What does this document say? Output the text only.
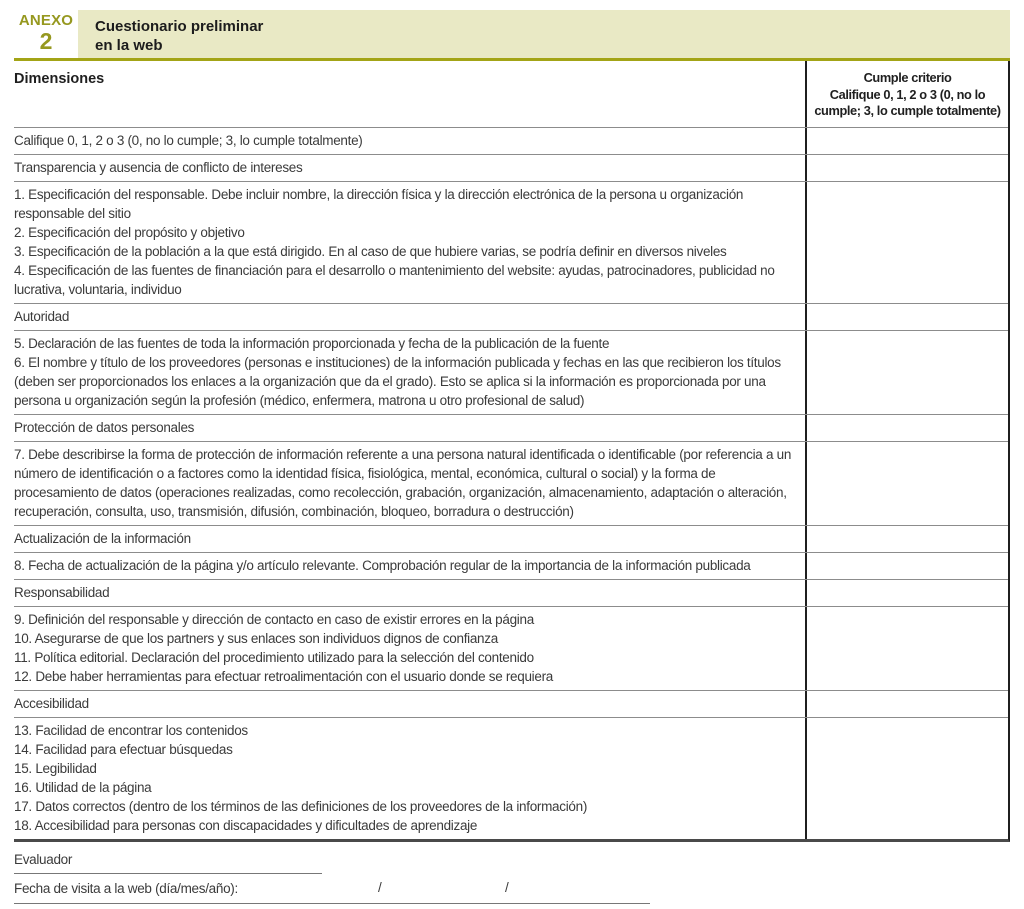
ANEXO
2
Cuestionario preliminar
en la web
Dimensiones	Cumple criterio
Califique 0, 1, 2 o 3 (0, no lo cumple; 3, lo cumple totalmente)
Califique 0, 1, 2 o 3 (0, no lo cumple; 3, lo cumple totalmente)
Transparencia y ausencia de conflicto de intereses
1. Especificación del responsable. Debe incluir nombre, la dirección física y la dirección electrónica de la persona u organización responsable del sitio
2. Especificación del propósito y objetivo
3. Especificación de la población a la que está dirigido. En al caso de que hubiere varias, se podría definir en diversos niveles
4. Especificación de las fuentes de financiación para el desarrollo o mantenimiento del website: ayudas, patrocinadores, publicidad no lucrativa, voluntaria, individuo
Autoridad
5. Declaración de las fuentes de toda la información proporcionada y fecha de la publicación de la fuente
6. El nombre y título de los proveedores (personas e instituciones) de la información publicada y fechas en las que recibieron los títulos (deben ser proporcionados los enlaces a la organización que da el grado). Esto se aplica si la información es proporcionada por una persona u organización según la profesión (médico, enfermera, matrona u otro profesional de salud)
Protección de datos personales
7. Debe describirse la forma de protección de información referente a una persona natural identificada o identificable (por referencia a un número de identificación o a factores como la identidad física, fisiológica, mental, económica, cultural o social) y la forma de procesamiento de datos (operaciones realizadas, como recolección, grabación, organización, almacenamiento, adaptación o alteración, recuperación, consulta, uso, transmisión, difusión, combinación, bloqueo, borradura o destrucción)
Actualización de la información
8. Fecha de actualización de la página y/o artículo relevante. Comprobación regular de la importancia de la información publicada
Responsabilidad
9. Definición del responsable y dirección de contacto en caso de existir errores en la página
10. Asegurarse de que los partners y sus enlaces son individuos dignos de confianza
11. Política editorial. Declaración del procedimiento utilizado para la selección del contenido
12. Debe haber herramientas para efectuar retroalimentación con el usuario donde se requiera
Accesibilidad
13. Facilidad de encontrar los contenidos
14. Facilidad para efectuar búsquedas
15. Legibilidad
16. Utilidad de la página
17. Datos correctos (dentro de los términos de las definiciones de los proveedores de la información)
18. Accesibilidad para personas con discapacidades y dificultades de aprendizaje
Evaluador
Fecha de visita a la web (día/mes/año):	/	/
